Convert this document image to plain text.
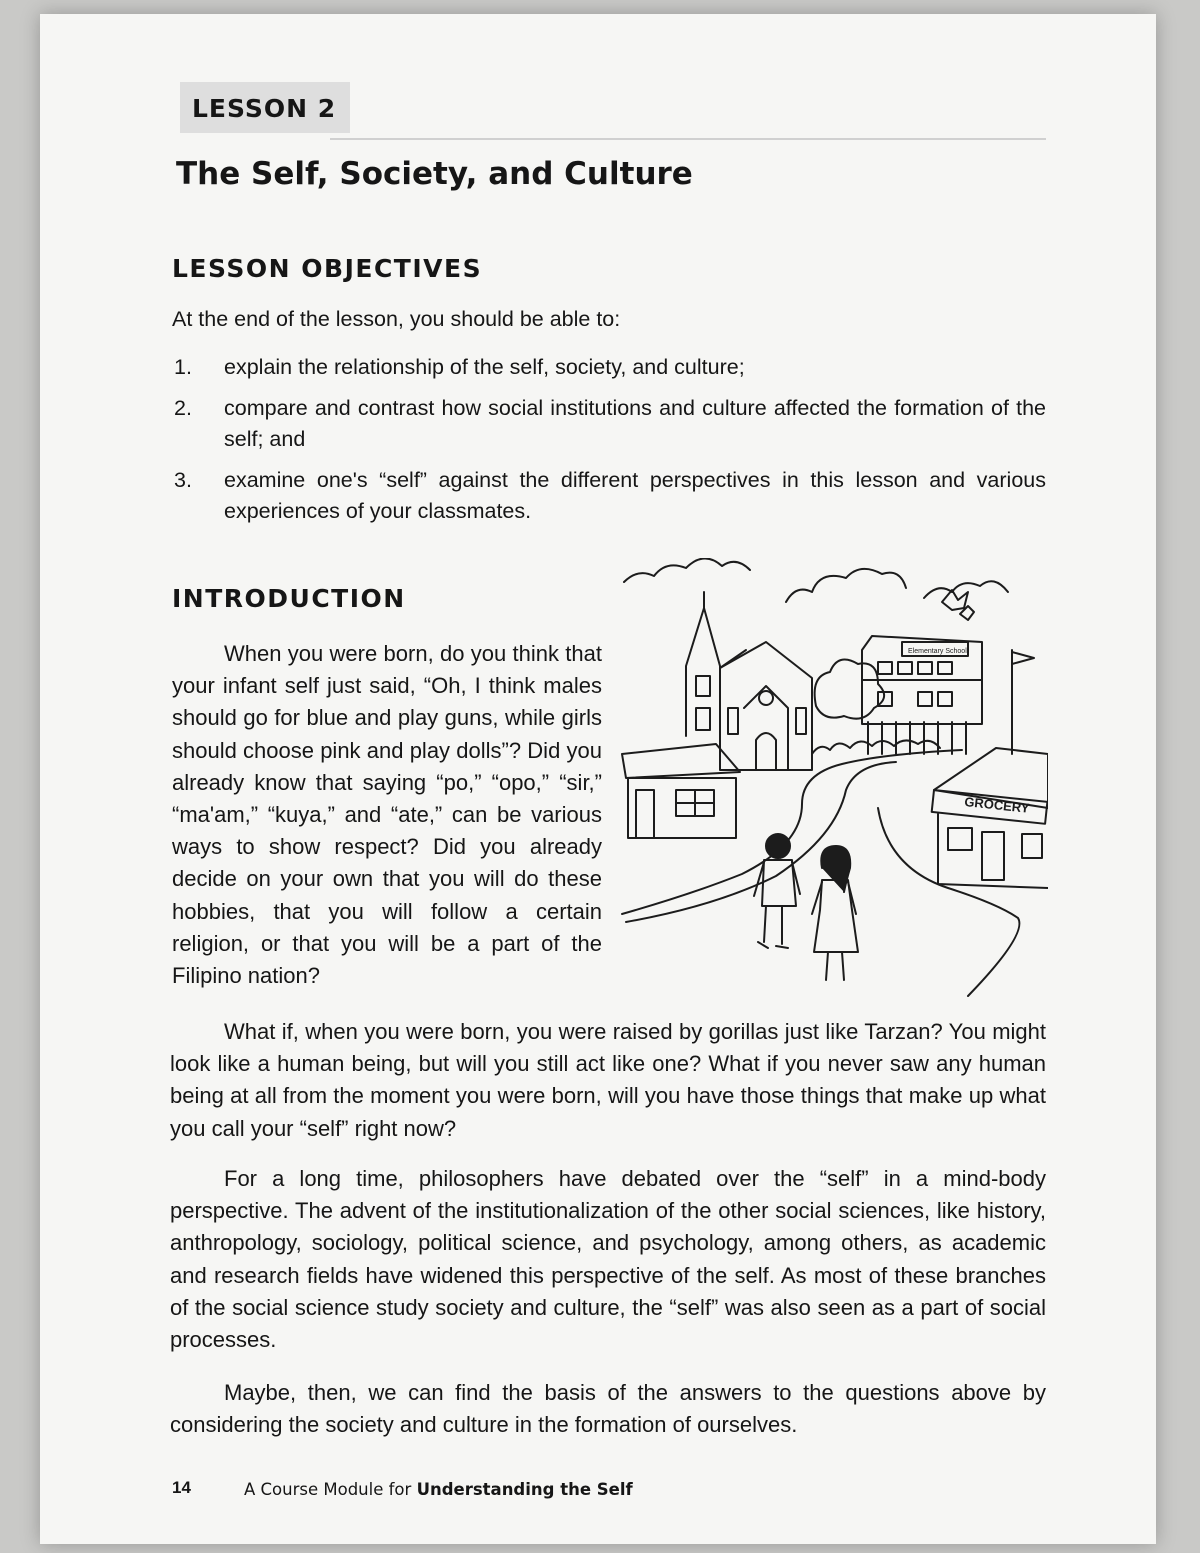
LESSON 2
The Self, Society, and Culture
LESSON OBJECTIVES

At the end of the lesson, you should be able to:

1. explain the relationship of the self, society, and culture;
2. compare and contrast how social institutions and culture affected the formation of the self; and
3. examine one's “self” against the different perspectives in this lesson and various experiences of your classmates.
INTRODUCTION

When you were born, do you think that your infant self just said, “Oh, I think males should go for blue and play guns, while girls should choose pink and play dolls”? Did you already know that saying “po,” “opo,” “sir,” “ma'am,” “kuya,” and “ate,” can be various ways to show respect? Did you already decide on your own that you will do these hobbies, that you will follow a certain religion, or that you will be a part of the Filipino nation?

Elementary School
GROCERY

What if, when you were born, you were raised by gorillas just like Tarzan? You might look like a human being, but will you still act like one? What if you never saw any human being at all from the moment you were born, will you have those things that make up what you call your “self” right now?

For a long time, philosophers have debated over the “self” in a mind-body perspective. The advent of the institutionalization of the other social sciences, like history, anthropology, sociology, political science, and psychology, among others, as academic and research fields have widened this perspective of the self. As most of these branches of the social science study society and culture, the “self” was also seen as a part of social processes.

Maybe, then, we can find the basis of the answers to the questions above by considering the society and culture in the formation of ourselves.

14	A Course Module for Understanding the Self
